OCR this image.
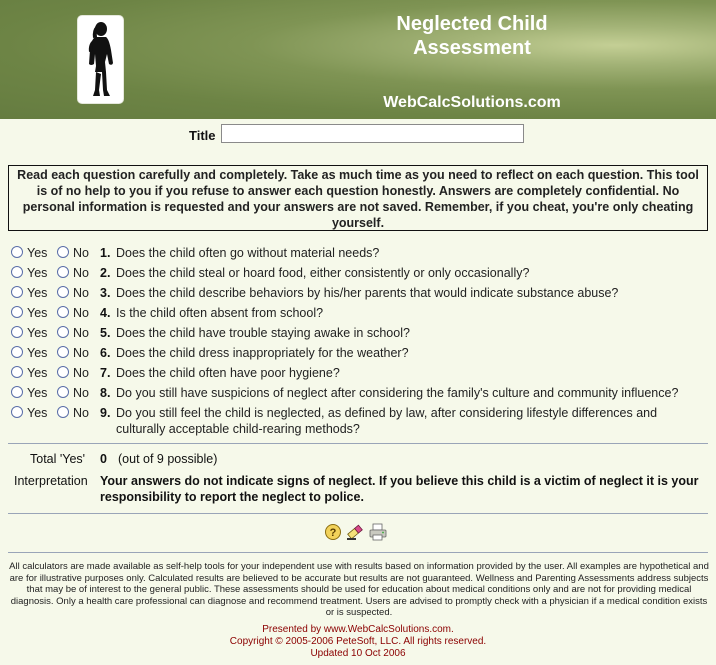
Neglected Child
Assessment
WebCalcSolutions.com
Title
Read each question carefully and completely. Take as much time as you need to reflect on each question. This tool is of no help to you if you refuse to answer each question honestly. Answers are completely confidential. No personal information is requested and your answers are not saved. Remember, if you cheat, you're only cheating yourself.
Yes No 1. Does the child often go without material needs?
Yes No 2. Does the child steal or hoard food, either consistently or only occasionally?
Yes No 3. Does the child describe behaviors by his/her parents that would indicate substance abuse?
Yes No 4. Is the child often absent from school?
Yes No 5. Does the child have trouble staying awake in school?
Yes No 6. Does the child dress inappropriately for the weather?
Yes No 7. Does the child often have poor hygiene?
Yes No 8. Do you still have suspicions of neglect after considering the family's culture and community influence?
Yes No 9. Do you still feel the child is neglected, as defined by law, after considering lifestyle differences and culturally acceptable child-rearing methods?
Total 'Yes' 0 (out of 9 possible)
Interpretation Your answers do not indicate signs of neglect. If you believe this child is a victim of neglect it is your responsibility to report the neglect to police.
?
All calculators are made available as self-help tools for your independent use with results based on information provided by the user. All examples are hypothetical and are for illustrative purposes only. Calculated results are believed to be accurate but results are not guaranteed. Wellness and Parenting Assessments address subjects that may be of interest to the general public. These assessments should be used for education about medical conditions only and are not for providing medical diagnosis. Only a health care professional can diagnose and recommend treatment. Users are advised to promptly check with a physician if a medical condition exists or is suspected.
Presented by www.WebCalcSolutions.com.
Copyright © 2005-2006 PeteSoft, LLC. All rights reserved.
Updated 10 Oct 2006
